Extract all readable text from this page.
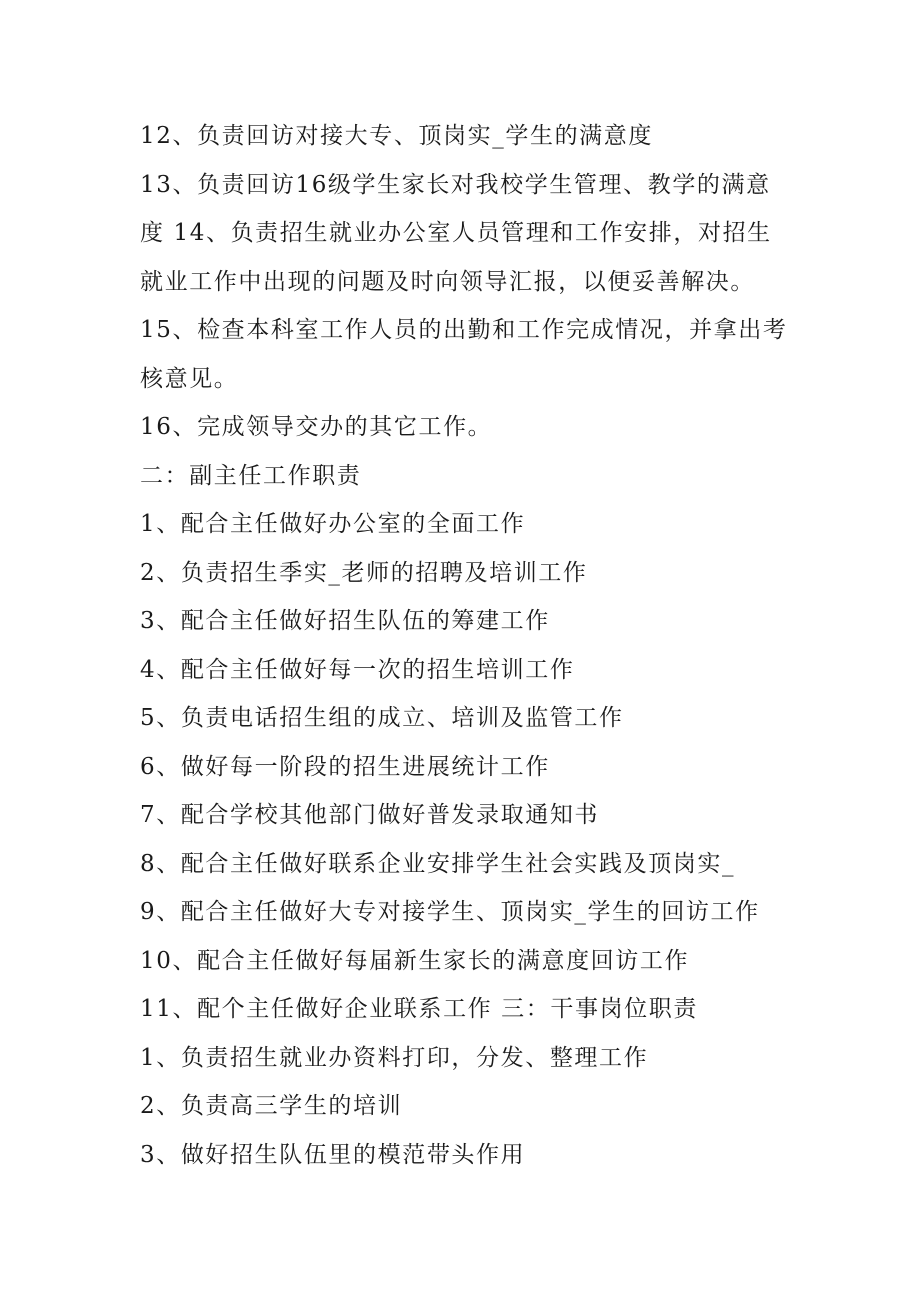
12、负责回访对接大专、顶岗实_学生的满意度
13、负责回访16级学生家长对我校学生管理、教学的满意
度 14、负责招生就业办公室人员管理和工作安排，对招生
就业工作中出现的问题及时向领导汇报，以便妥善解决。
15、检查本科室工作人员的出勤和工作完成情况，并拿出考
核意见。
16、完成领导交办的其它工作。
二：副主任工作职责
1、配合主任做好办公室的全面工作
2、负责招生季实_老师的招聘及培训工作
3、配合主任做好招生队伍的筹建工作
4、配合主任做好每一次的招生培训工作
5、负责电话招生组的成立、培训及监管工作
6、做好每一阶段的招生进展统计工作
7、配合学校其他部门做好普发录取通知书
8、配合主任做好联系企业安排学生社会实践及顶岗实_
9、配合主任做好大专对接学生、顶岗实_学生的回访工作
10、配合主任做好每届新生家长的满意度回访工作
11、配个主任做好企业联系工作 三：干事岗位职责
1、负责招生就业办资料打印，分发、整理工作
2、负责高三学生的培训
3、做好招生队伍里的模范带头作用
